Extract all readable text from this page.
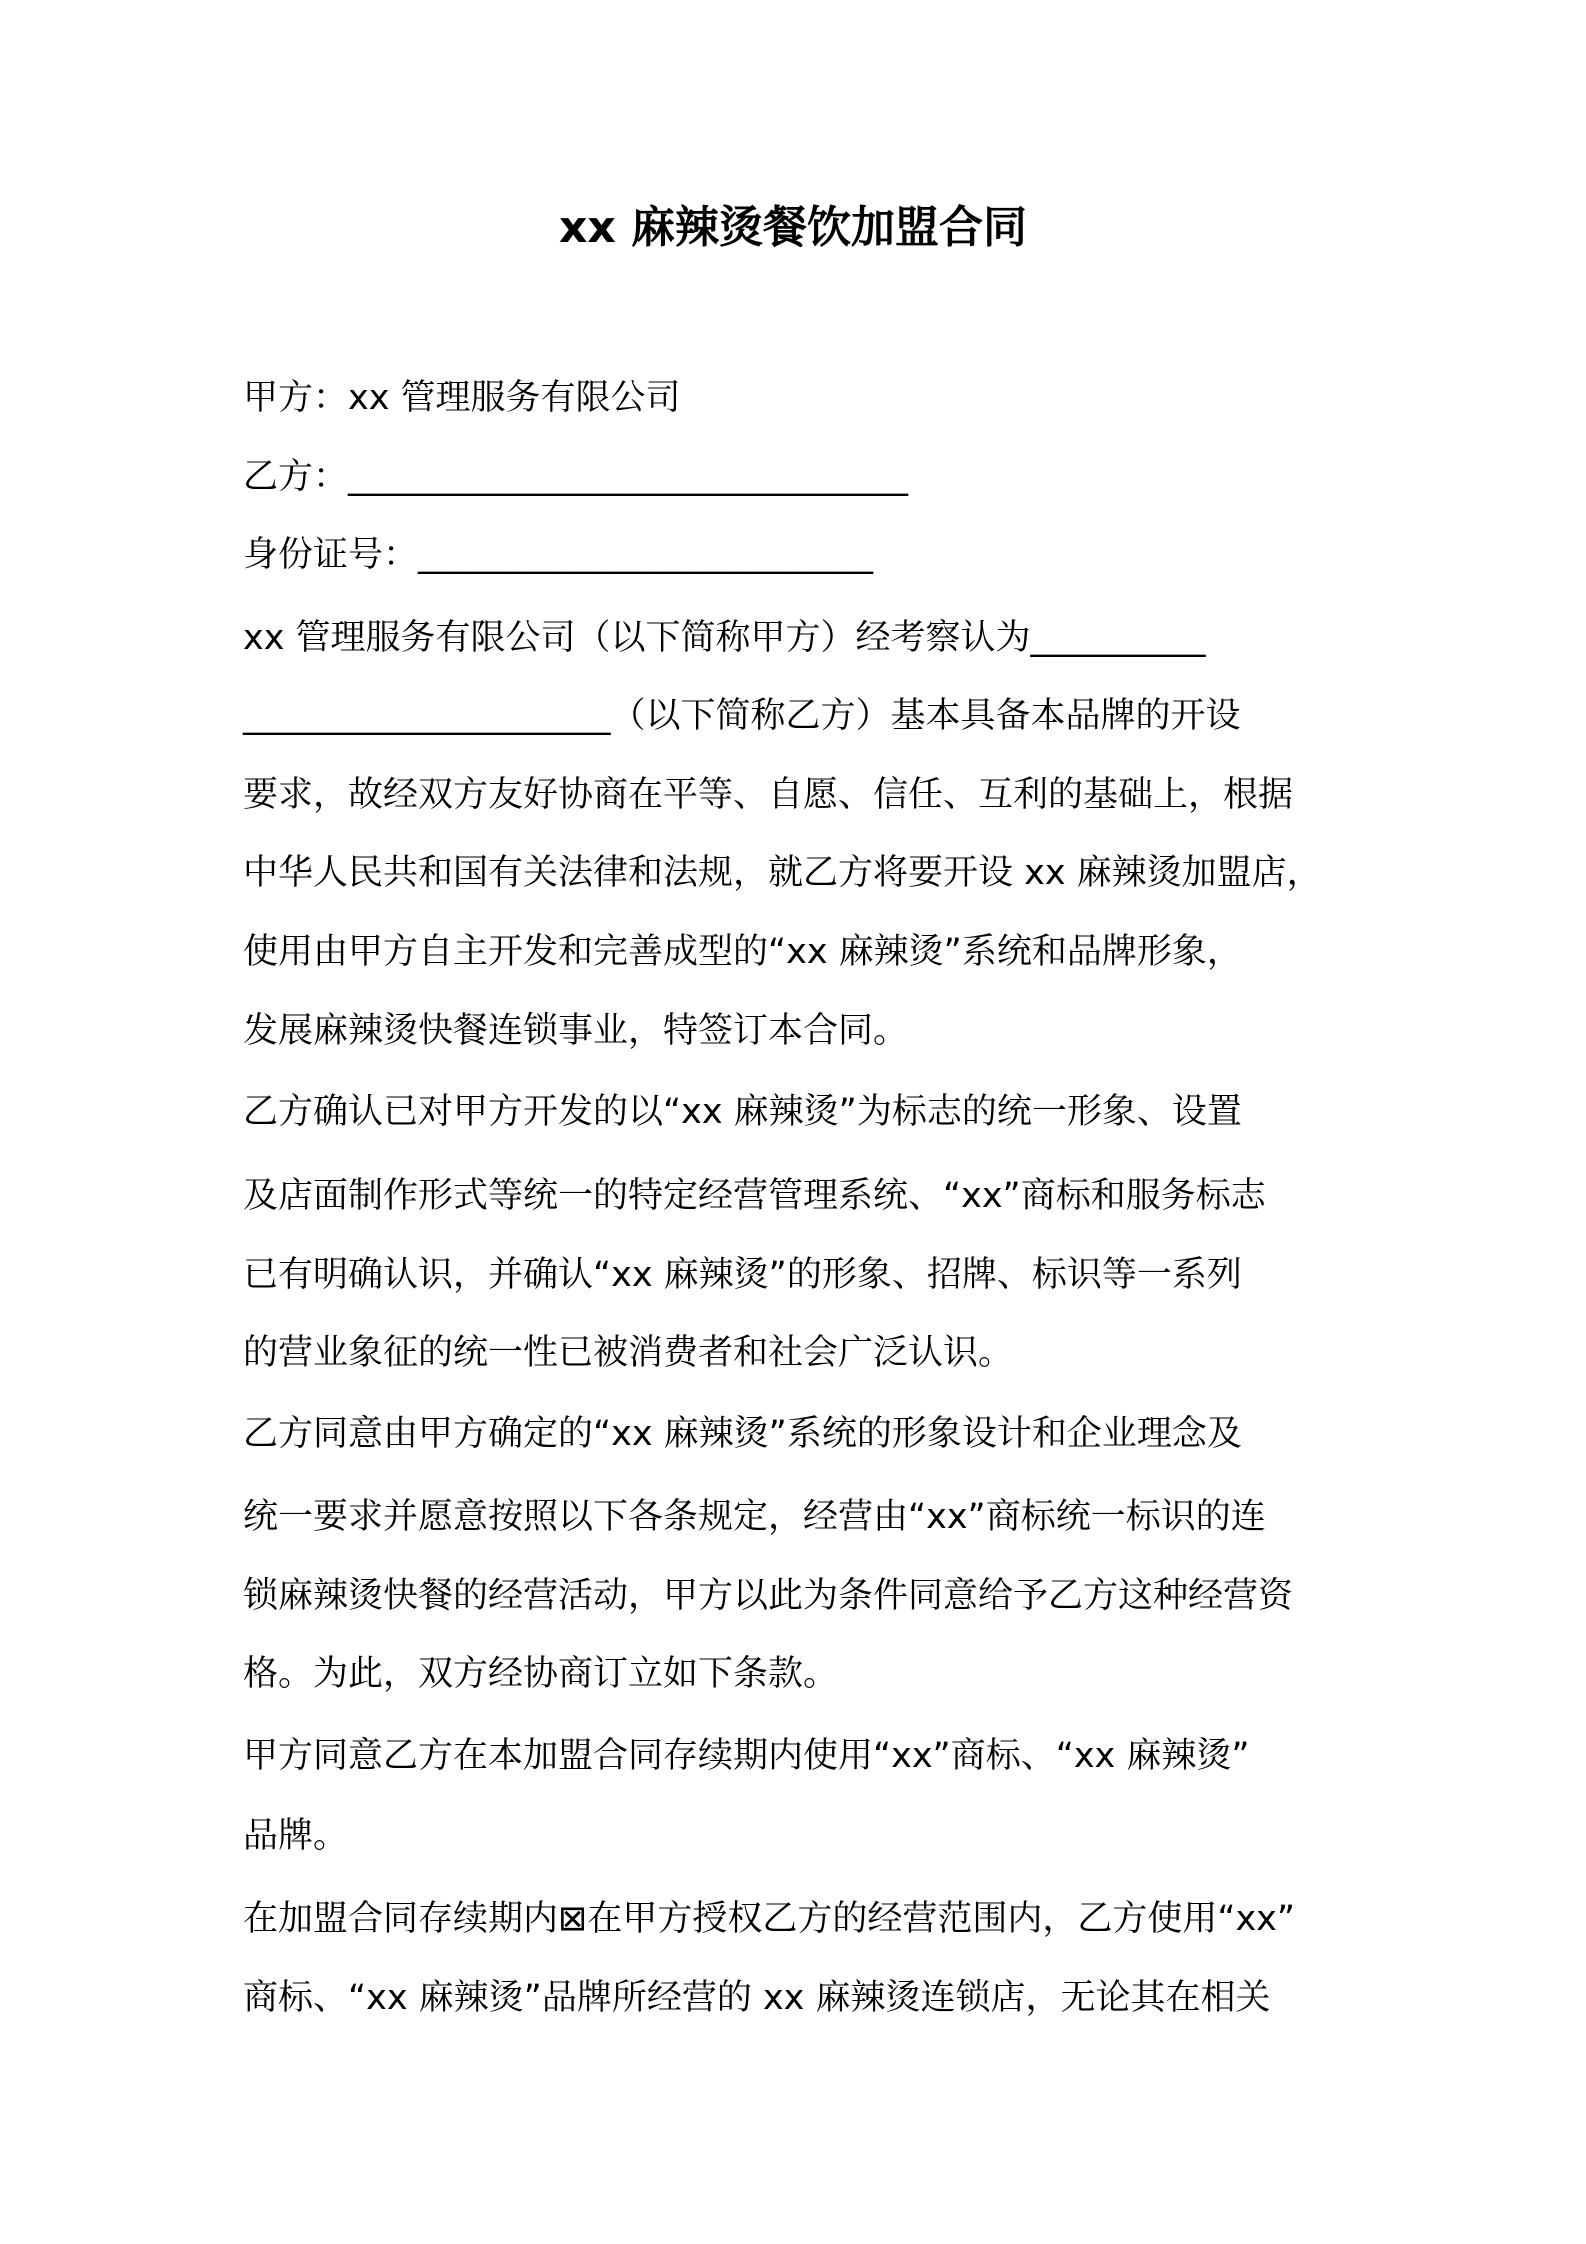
xx 麻辣烫餐饮加盟合同
甲方：xx 管理服务有限公司
乙方：________________________________
身份证号：__________________________
xx 管理服务有限公司（以下简称甲方）经考察认为__________
_____________________（以下简称乙方）基本具备本品牌的开设
要求，故经双方友好协商在平等、自愿、信任、互利的基础上，根据
中华人民共和国有关法律和法规，就乙方将要开设 xx 麻辣烫加盟店，
使用由甲方自主开发和完善成型的“xx 麻辣烫”系统和品牌形象，
发展麻辣烫快餐连锁事业，特签订本合同。
乙方确认已对甲方开发的以“xx 麻辣烫”为标志的统一形象、设置
及店面制作形式等统一的特定经营管理系统、“xx”商标和服务标志
已有明确认识，并确认“xx 麻辣烫”的形象、招牌、标识等一系列
的营业象征的统一性已被消费者和社会广泛认识。
乙方同意由甲方确定的“xx 麻辣烫”系统的形象设计和企业理念及
统一要求并愿意按照以下各条规定，经营由“xx”商标统一标识的连
锁麻辣烫快餐的经营活动，甲方以此为条件同意给予乙方这种经营资
格。为此，双方经协商订立如下条款。
甲方同意乙方在本加盟合同存续期内使用“xx”商标、“xx 麻辣烫”
品牌。
在加盟合同存续期内⊠在甲方授权乙方的经营范围内，乙方使用“xx”
商标、“xx 麻辣烫”品牌所经营的 xx 麻辣烫连锁店，无论其在相关
